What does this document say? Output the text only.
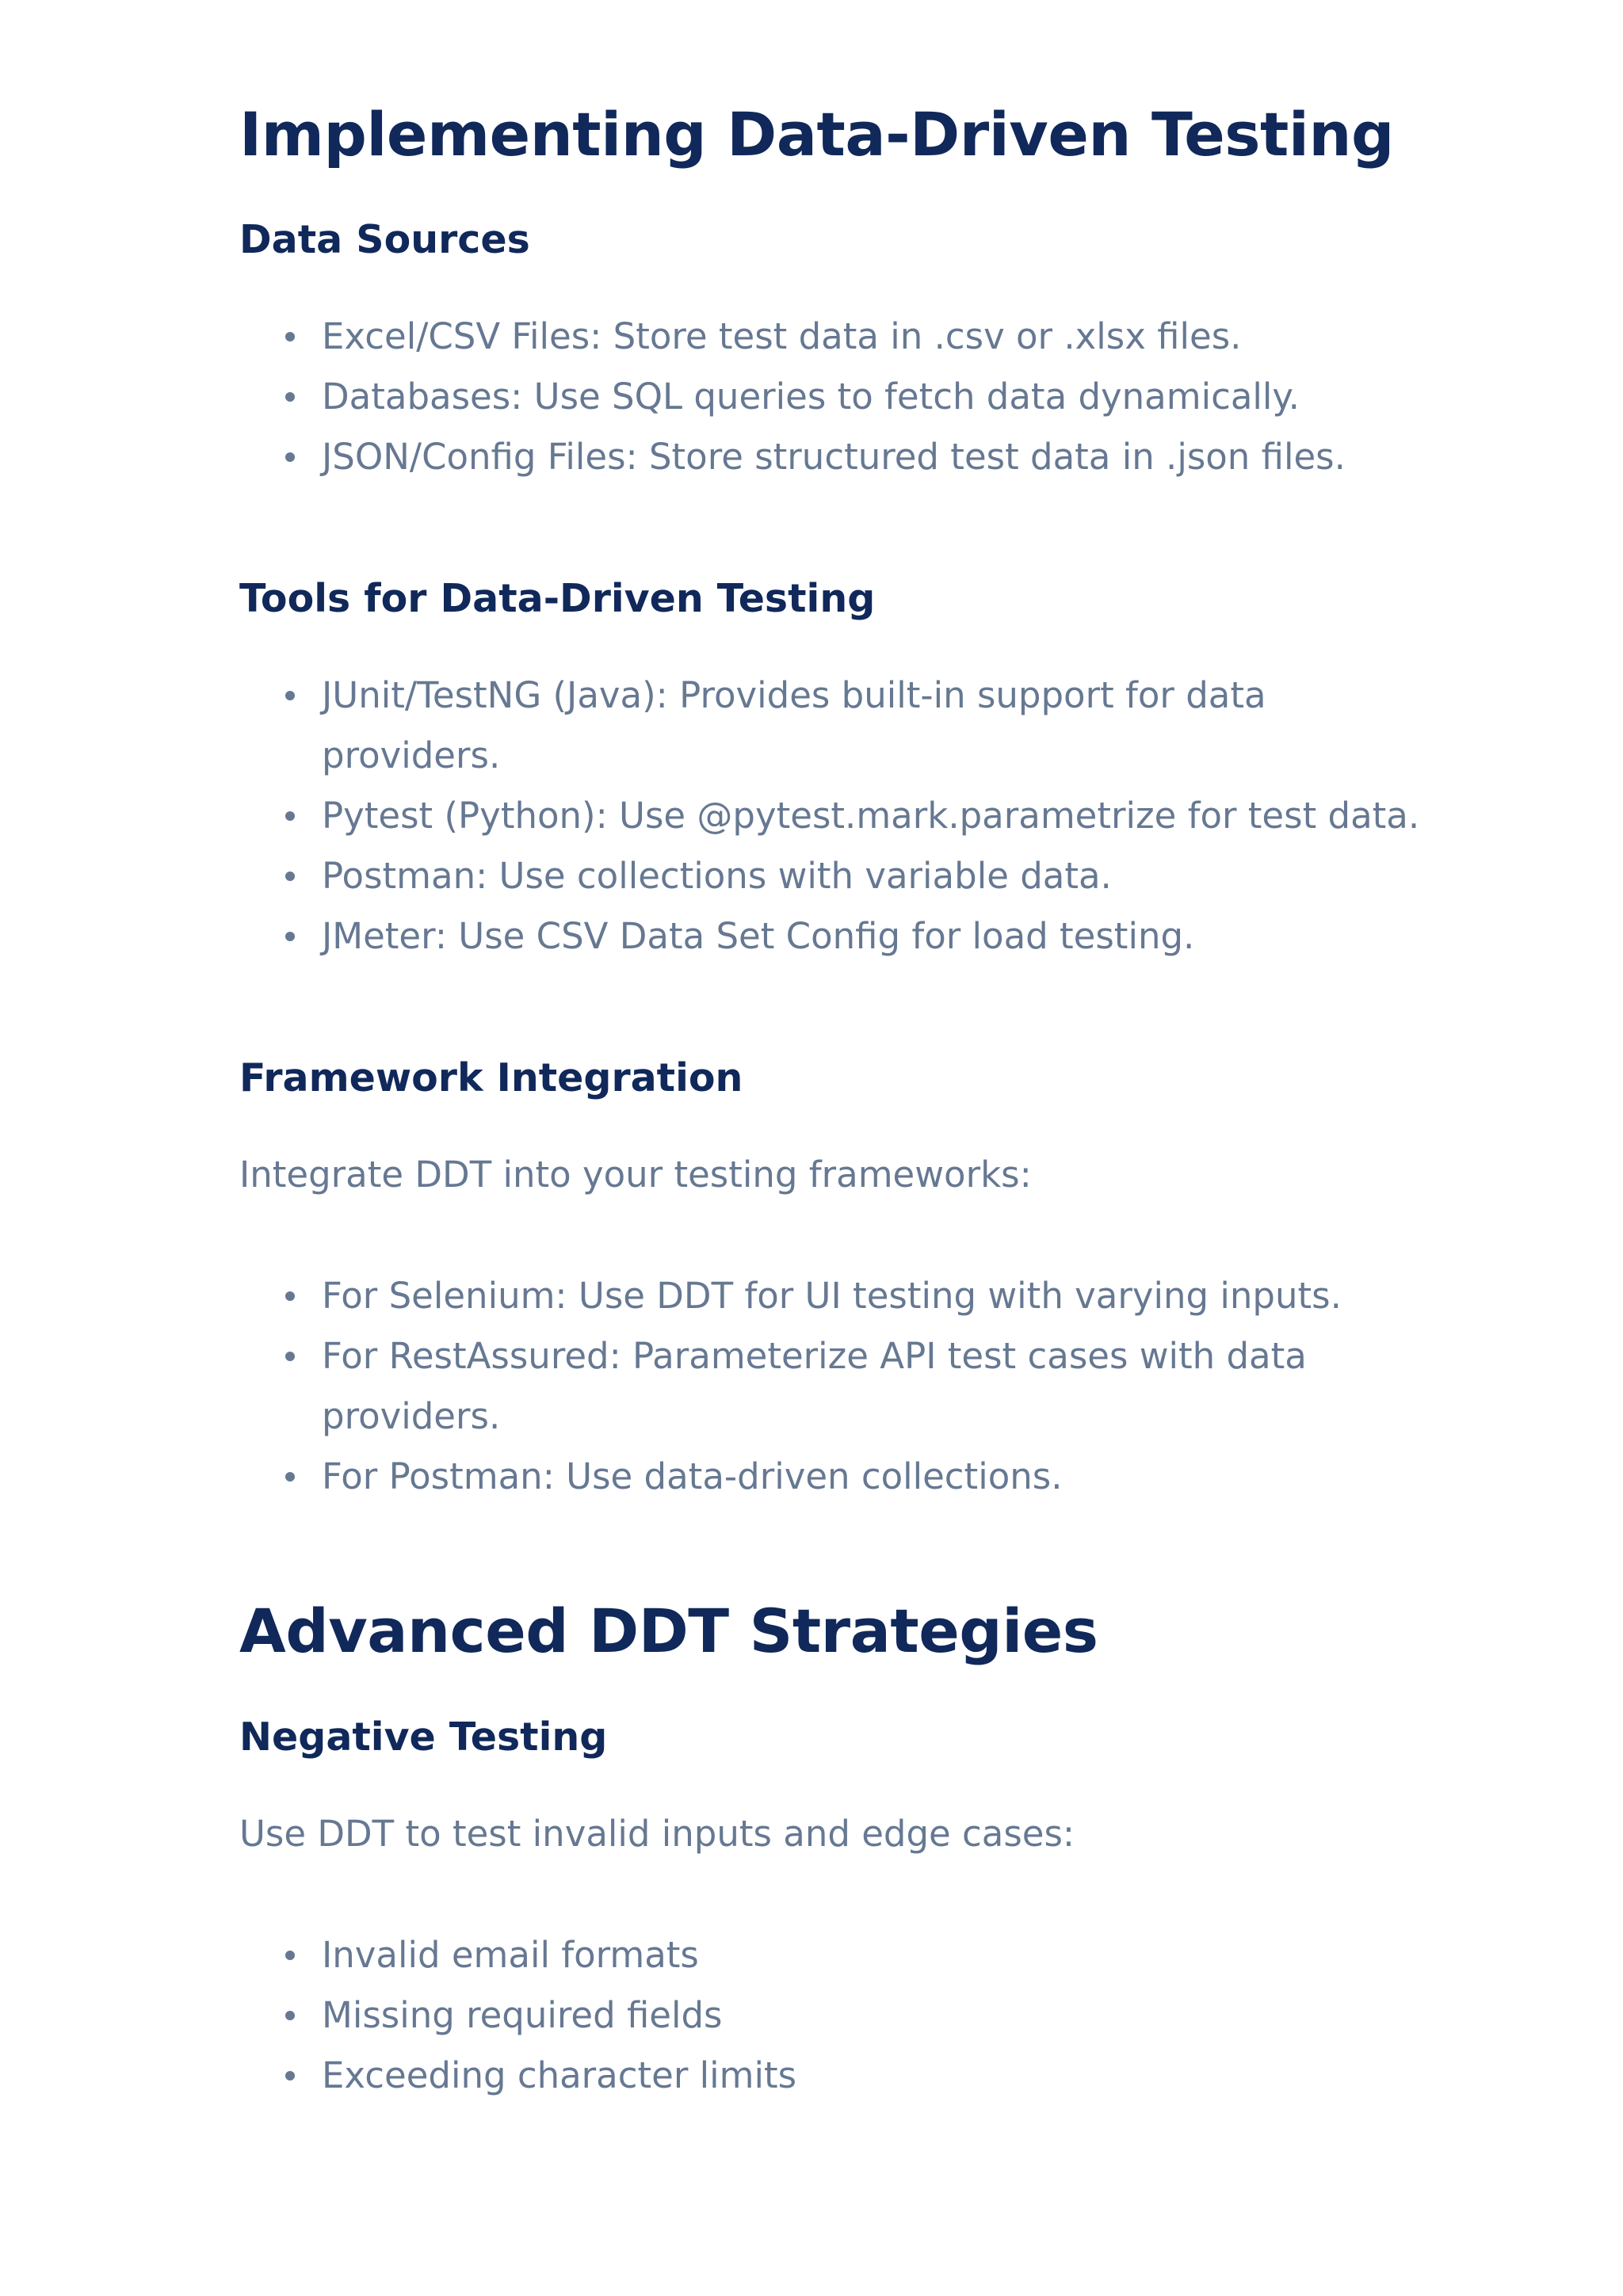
Implementing Data-Driven Testing
Data Sources
Excel/CSV Files: Store test data in .csv or .xlsx files.
Databases: Use SQL queries to fetch data dynamically.
JSON/Config Files: Store structured test data in .json files.
Tools for Data-Driven Testing
JUnit/TestNG (Java): Provides built-in support for data providers.
Pytest (Python): Use @pytest.mark.parametrize for test data.
Postman: Use collections with variable data.
JMeter: Use CSV Data Set Config for load testing.
Framework Integration

Integrate DDT into your testing frameworks:

For Selenium: Use DDT for UI testing with varying inputs.
For RestAssured: Parameterize API test cases with data providers.
For Postman: Use data-driven collections.
Advanced DDT Strategies
Negative Testing

Use DDT to test invalid inputs and edge cases:

Invalid email formats
Missing required fields
Exceeding character limits
